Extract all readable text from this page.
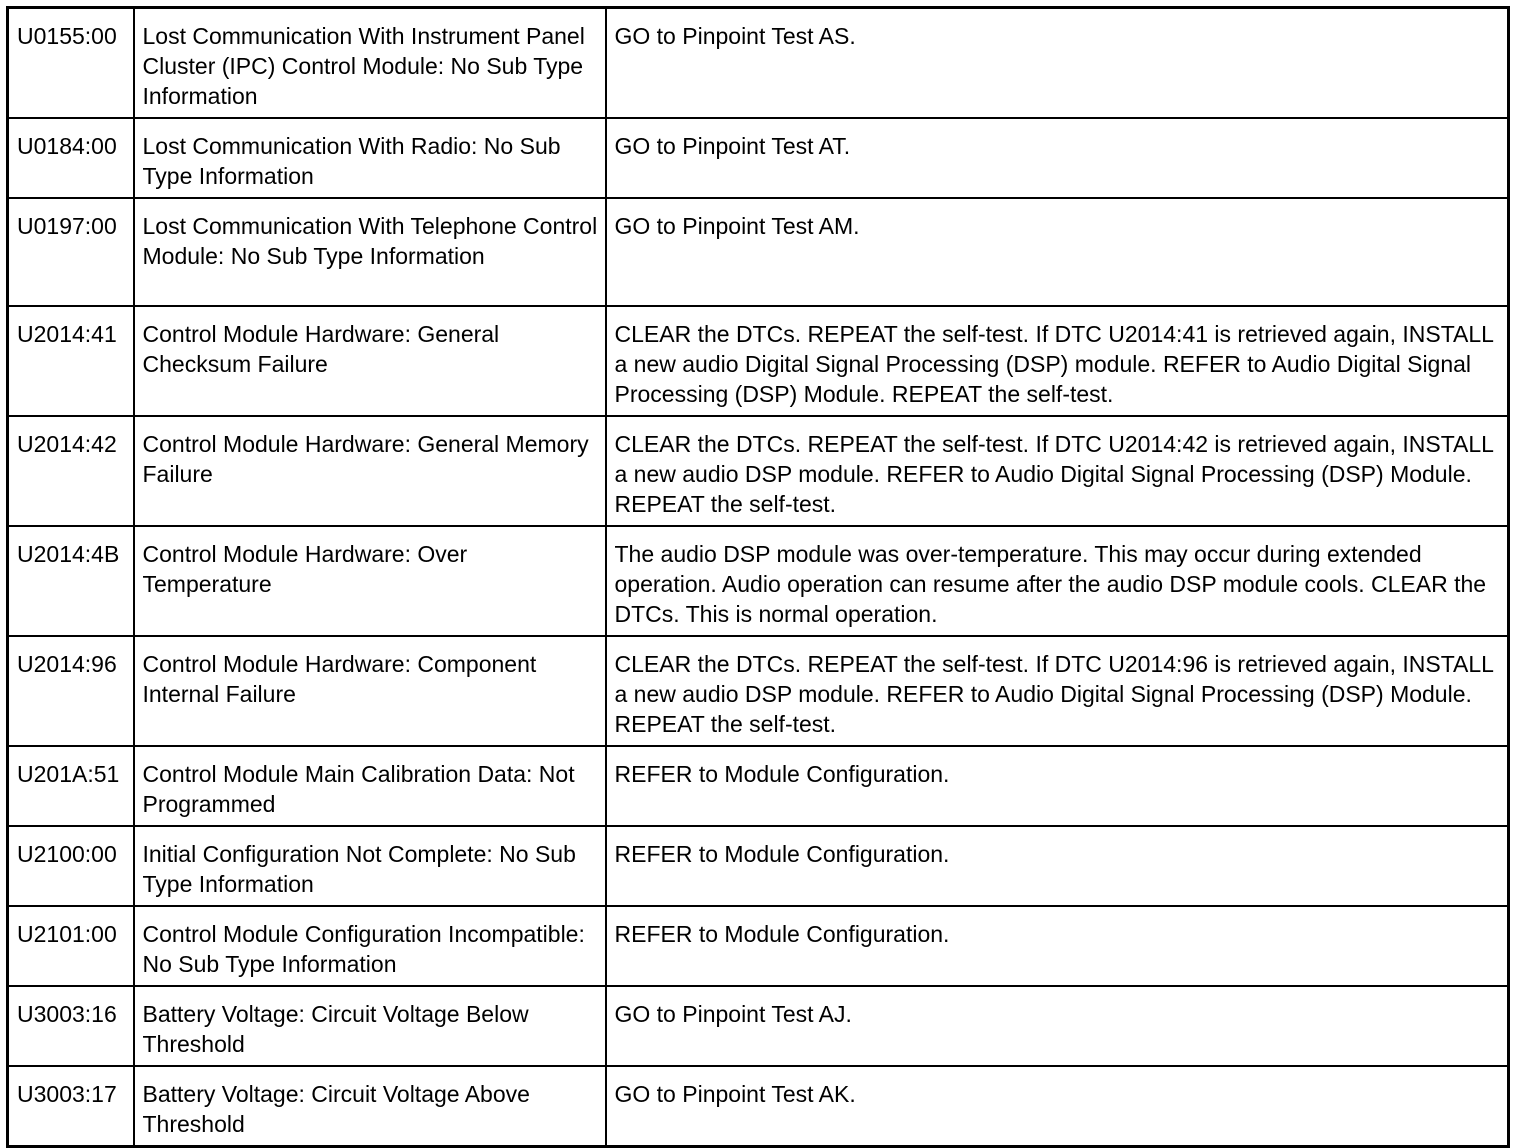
U0155:00	Lost Communication With Instrument Panel Cluster (IPC) Control Module: No Sub Type Information	GO to Pinpoint Test AS.
U0184:00	Lost Communication With Radio: No Sub Type Information	GO to Pinpoint Test AT.
U0197:00	Lost Communication With Telephone Control Module: No Sub Type Information	GO to Pinpoint Test AM.
U2014:41	Control Module Hardware: General Checksum Failure	CLEAR the DTCs. REPEAT the self-test. If DTC U2014:41 is retrieved again, INSTALL a new audio Digital Signal Processing (DSP) module. REFER to Audio Digital Signal Processing (DSP) Module. REPEAT the self-test.
U2014:42	Control Module Hardware: General Memory Failure	CLEAR the DTCs. REPEAT the self-test. If DTC U2014:42 is retrieved again, INSTALL a new audio DSP module. REFER to Audio Digital Signal Processing (DSP) Module. REPEAT the self-test.
U2014:4B	Control Module Hardware: Over Temperature	The audio DSP module was over-temperature. This may occur during extended operation. Audio operation can resume after the audio DSP module cools. CLEAR the DTCs. This is normal operation.
U2014:96	Control Module Hardware: Component Internal Failure	CLEAR the DTCs. REPEAT the self-test. If DTC U2014:96 is retrieved again, INSTALL a new audio DSP module. REFER to Audio Digital Signal Processing (DSP) Module. REPEAT the self-test.
U201A:51	Control Module Main Calibration Data: Not Programmed	REFER to Module Configuration.
U2100:00	Initial Configuration Not Complete: No Sub Type Information	REFER to Module Configuration.
U2101:00	Control Module Configuration Incompatible: No Sub Type Information	REFER to Module Configuration.
U3003:16	Battery Voltage: Circuit Voltage Below Threshold	GO to Pinpoint Test AJ.
U3003:17	Battery Voltage: Circuit Voltage Above Threshold	GO to Pinpoint Test AK.
